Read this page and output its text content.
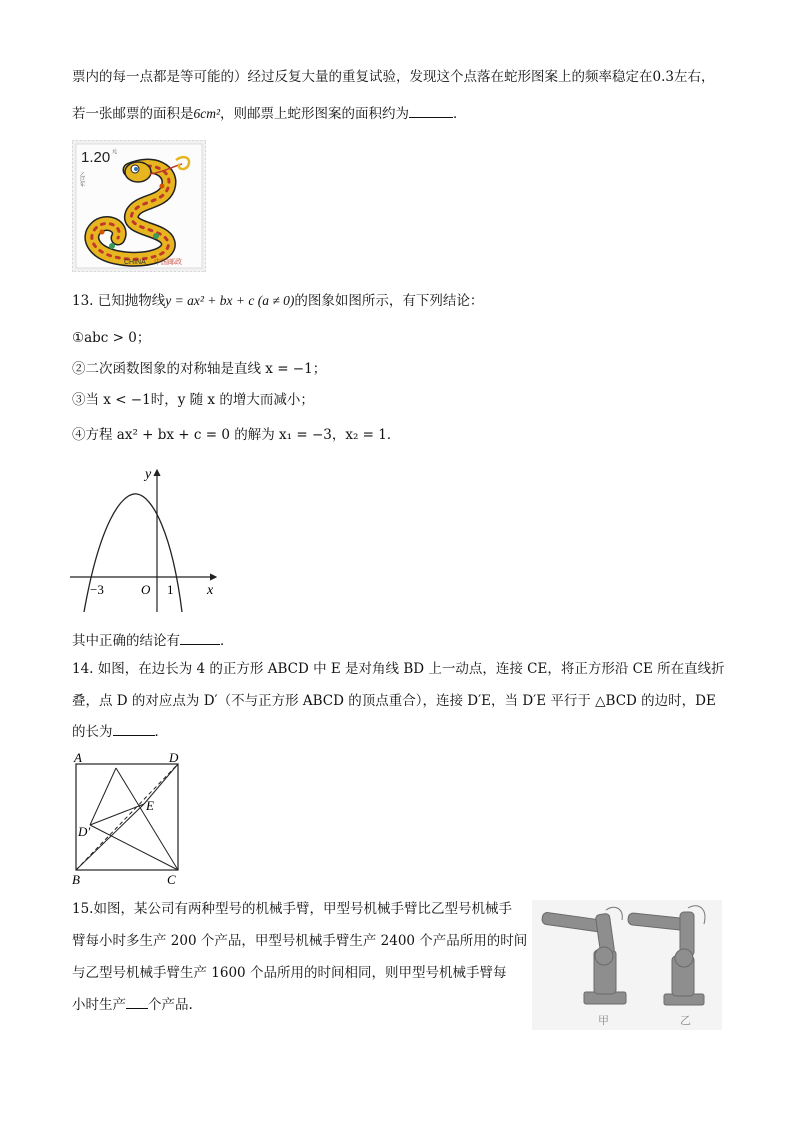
票内的每一点都是等可能的）经过反复大量的重复试验，发现这个点落在蛇形图案上的频率稳定在0.3左右，
若一张邮票的面积是6cm²，则邮票上蛇形图案的面积约为	．
1.20 元
乙巳年
CHINA 中国邮政
13. 已知抛物线y = ax² + bx + c (a ≠ 0)的图象如图所示，有下列结论：
①abc > 0；
②二次函数图象的对称轴是直线 x = −1；
③当 x < −1时，y 随 x 的增大而减小；
④方程 ax² + bx + c = 0 的解为 x₁ = −3，x₂ = 1．
y
x
O
−3	1
其中正确的结论有	．
14. 如图，在边长为 4 的正方形 ABCD 中 E 是对角线 BD 上一动点，连接 CE，将正方形沿 CE 所在直线折
叠，点 D 的对应点为 D′（不与正方形 ABCD 的顶点重合），连接 D′E，当 D′E 平行于 △BCD 的边时，DE
的长为	．
A	D
B	C
E
D′
15.如图，某公司有两种型号的机械手臂，甲型号机械手臂比乙型号机械手
臂每小时多生产 200 个产品，甲型号机械手臂生产 2400 个产品所用的时间
与乙型号机械手臂生产 1600 个品所用的时间相同，则甲型号机械手臂每
小时生产 个产品.
甲	乙
